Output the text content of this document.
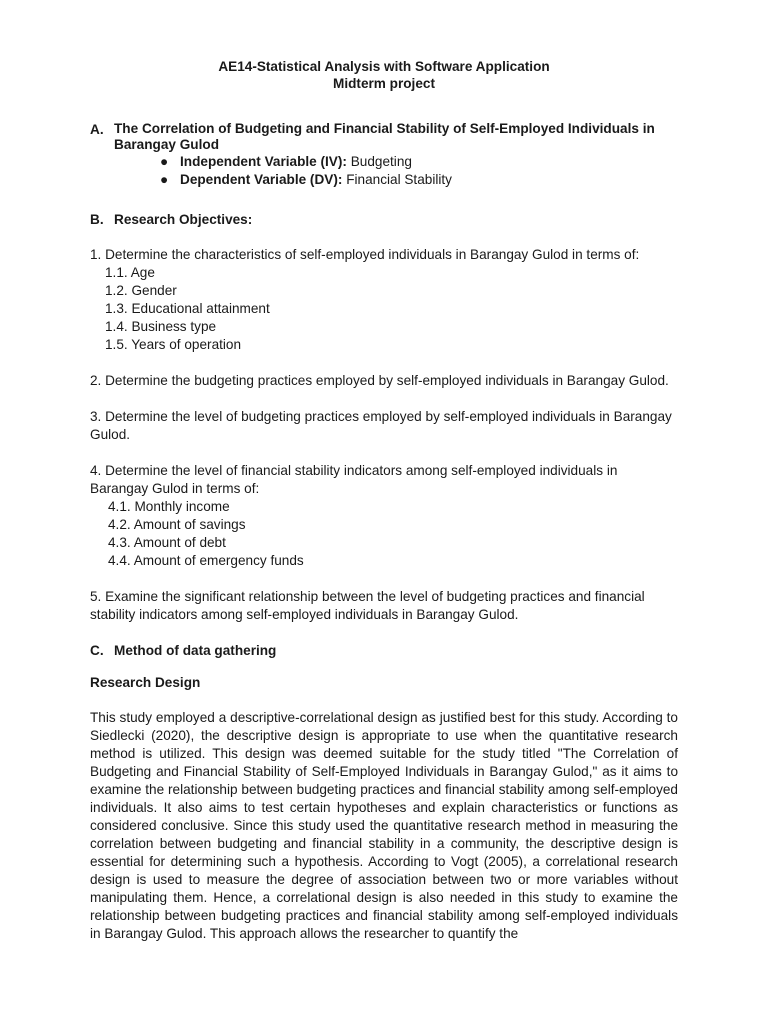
AE14-Statistical Analysis with Software Application
Midterm project
A. The Correlation of Budgeting and Financial Stability of Self-Employed Individuals in Barangay Gulod
● Independent Variable (IV): Budgeting
● Dependent Variable (DV): Financial Stability
B. Research Objectives:

1. Determine the characteristics of self-employed individuals in Barangay Gulod in terms of:

1.1. Age
1.2. Gender
1.3. Educational attainment
1.4. Business type
1.5. Years of operation

2. Determine the budgeting practices employed by self-employed individuals in Barangay Gulod.

3. Determine the level of budgeting practices employed by self-employed individuals in Barangay Gulod.

4. Determine the level of financial stability indicators among self-employed individuals in Barangay Gulod in terms of:

4.1. Monthly income
4.2. Amount of savings
4.3. Amount of debt
4.4. Amount of emergency funds

5. Examine the significant relationship between the level of budgeting practices and financial stability indicators among self-employed individuals in Barangay Gulod.

C. Method of data gathering
Research Design

This study employed a descriptive-correlational design as justified best for this study. According to Siedlecki (2020), the descriptive design is appropriate to use when the quantitative research method is utilized. This design was deemed suitable for the study titled "The Correlation of Budgeting and Financial Stability of Self-Employed Individuals in Barangay Gulod," as it aims to examine the relationship between budgeting practices and financial stability among self-employed individuals. It also aims to test certain hypotheses and explain characteristics or functions as considered conclusive. Since this study used the quantitative research method in measuring the correlation between budgeting and financial stability in a community, the descriptive design is essential for determining such a hypothesis. According to Vogt (2005), a correlational research design is used to measure the degree of association between two or more variables without manipulating them. Hence, a correlational design is also needed in this study to examine the relationship between budgeting practices and financial stability among self-employed individuals in Barangay Gulod. This approach allows the researcher to quantify the
